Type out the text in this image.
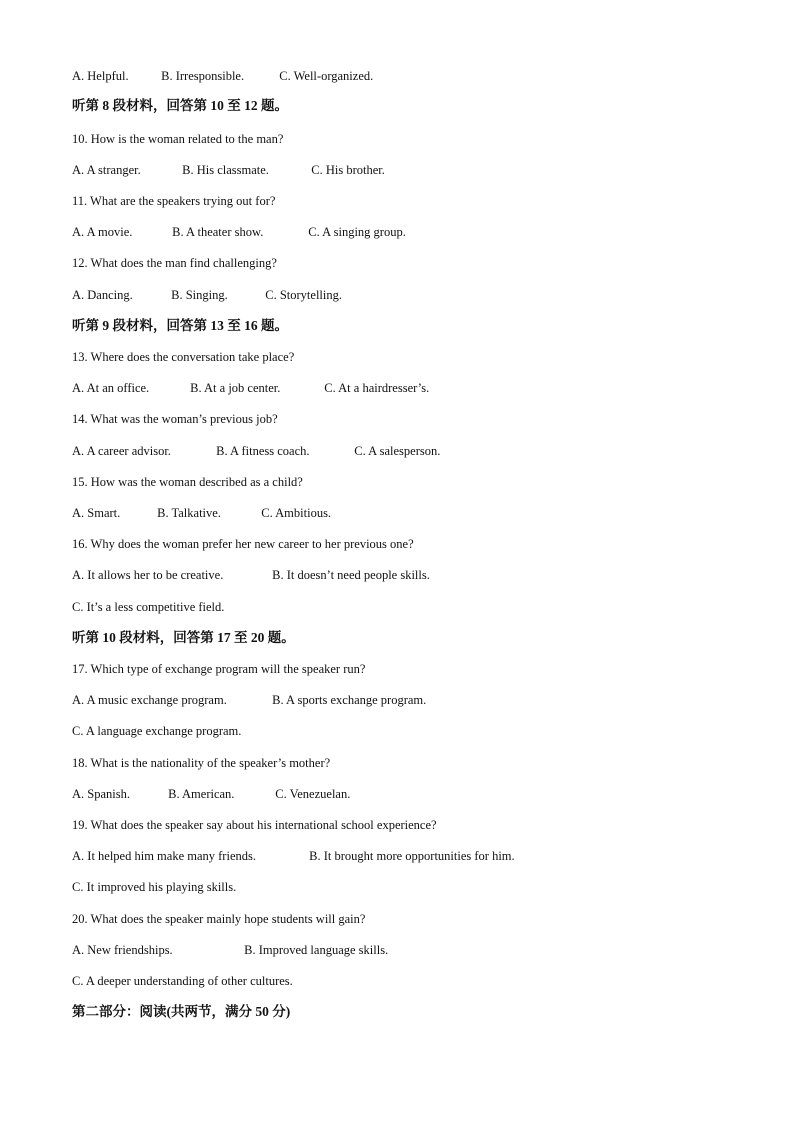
A. Helpful.	B. Irresponsible.	C. Well-organized.
听第 8 段材料，回答第 10 至 12 题。
10. How is the woman related to the man?
A. A stranger.	B. His classmate.	C. His brother.
11. What are the speakers trying out for?
A. A movie.	B. A theater show.	C. A singing group.
12. What does the man find challenging?
A. Dancing.	B. Singing.	C. Storytelling.
听第 9 段材料，回答第 13 至 16 题。
13. Where does the conversation take place?
A. At an office.	B. At a job center.	C. At a hairdresser’s.
14. What was the woman’s previous job?
A. A career advisor.	B. A fitness coach.	C. A salesperson.
15. How was the woman described as a child?
A. Smart.	B. Talkative.	C. Ambitious.
16. Why does the woman prefer her new career to her previous one?
A. It allows her to be creative.	B. It doesn’t need people skills.
C. It’s a less competitive field.
听第 10 段材料，回答第 17 至 20 题。
17. Which type of exchange program will the speaker run?
A. A music exchange program.	B. A sports exchange program.
C. A language exchange program.
18. What is the nationality of the speaker’s mother?
A. Spanish.	B. American.	C. Venezuelan.
19. What does the speaker say about his international school experience?
A. It helped him make many friends.	B. It brought more opportunities for him.
C. It improved his playing skills.
20. What does the speaker mainly hope students will gain?
A. New friendships.	B. Improved language skills.
C. A deeper understanding of other cultures.
第二部分：阅读(共两节，满分 50 分)
